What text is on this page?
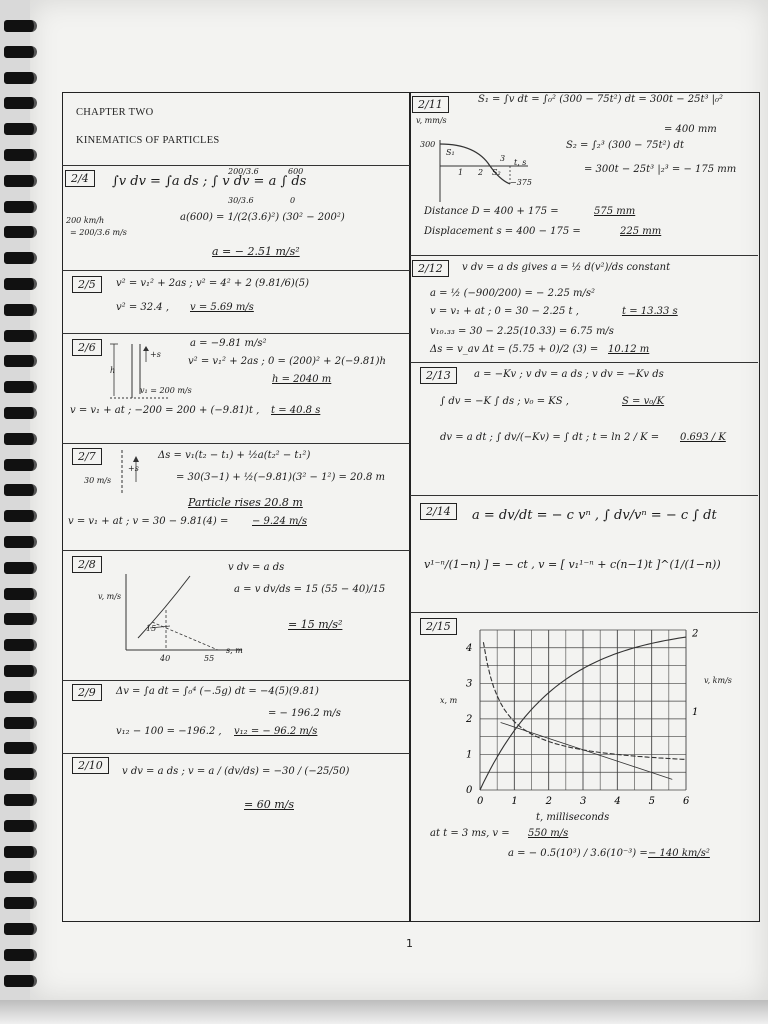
CHAPTER TWO
KINEMATICS OF PARTICLES
2/4	∫v dv = ∫a ds ; ∫ v dv = a ∫ ds
200/3.6	600
30/3.6	0
200 km/h
= 200/3.6 m/s
a(600) = 1/(2(3.6)²) (30² − 200²)
a = − 2.51 m/s²
2/5	v² = v₁² + 2as ; v² = 4² + 2 (9.81/6)(5)
v² = 32.4 , v = 5.69 m/s
2/6
h
+s
v₁ = 200 m/s
a = −9.81 m/s²
v² = v₁² + 2as ; 0 = (200)² + 2(−9.81)h
h = 2040 m
v = v₁ + at ; −200 = 200 + (−9.81)t , t = 40.8 s
2/7
30 m/s
+s
Δs = v₁(t₂ − t₁) + ½a(t₂² − t₁²)
= 30(3−1) + ½(−9.81)(3² − 1²) = 20.8 m
Particle rises 20.8 m
v = v₁ + at ; v = 30 − 9.81(4) = − 9.24 m/s
2/8
v, m/s
s, m
40	55
15
v dv = a ds
a = v dv/ds = 15 (55 − 40)/15
= 15 m/s²
2/9	Δv = ∫a dt = ∫₀⁴ (−.5g) dt = −4(5)(9.81)
= − 196.2 m/s
v₁₂ − 100 = −196.2 , v₁₂ = − 96.2 m/s
2/10	v dv = a ds ; v = a / (dv/ds) = −30 / (−25/50)
= 60 m/s
2/11	S₁ = ∫v dt = ∫₀² (300 − 75t²) dt = 300t − 25t³ |₀²
= 400 mm
S₂ = ∫₂³ (300 − 75t²) dt
= 300t − 25t³ |₂³ = − 175 mm
v, mm/s
300
−375
t, s
S₁
S₂
1 2
3
Distance D = 400 + 175 =	575 mm
Displacement s = 400 − 175 =	225 mm
2/12	v dv = a ds gives a = ½ d(v²)/ds constant
a = ½ (−900/200) = − 2.25 m/s²
v = v₁ + at ; 0 = 30 − 2.25 t ,	t = 13.33 s
v₁₀.₃₃ = 30 − 2.25(10.33) = 6.75 m/s
Δs = v_av Δt = (5.75 + 0)/2 (3) = 10.12 m
2/13	a = −Kv ; v dv = a ds ; v dv = −Kv ds
∫ dv = −K ∫ ds ; v₀ = KS ,	S = v₀/K
dv = a dt ; ∫ dv/(−Kv) = ∫ dt ; t = ln 2 / K = 0.693 / K
2/14	a = dv/dt = − c vⁿ , ∫ dv/vⁿ = − c ∫ dt
v¹⁻ⁿ/(1−n) ] = − ct , v = [ v₁¹⁻ⁿ + c(n−1)t ]^(1/(1−n))
2/15
0	1	2	3	4	5	6
0
1
2
3
4
1
2
x, m
v, km/s
t, milliseconds
at t = 3 ms, v = 550 m/s
a = − 0.5(10³) / 3.6(10⁻³) = − 140 km/s²
1
